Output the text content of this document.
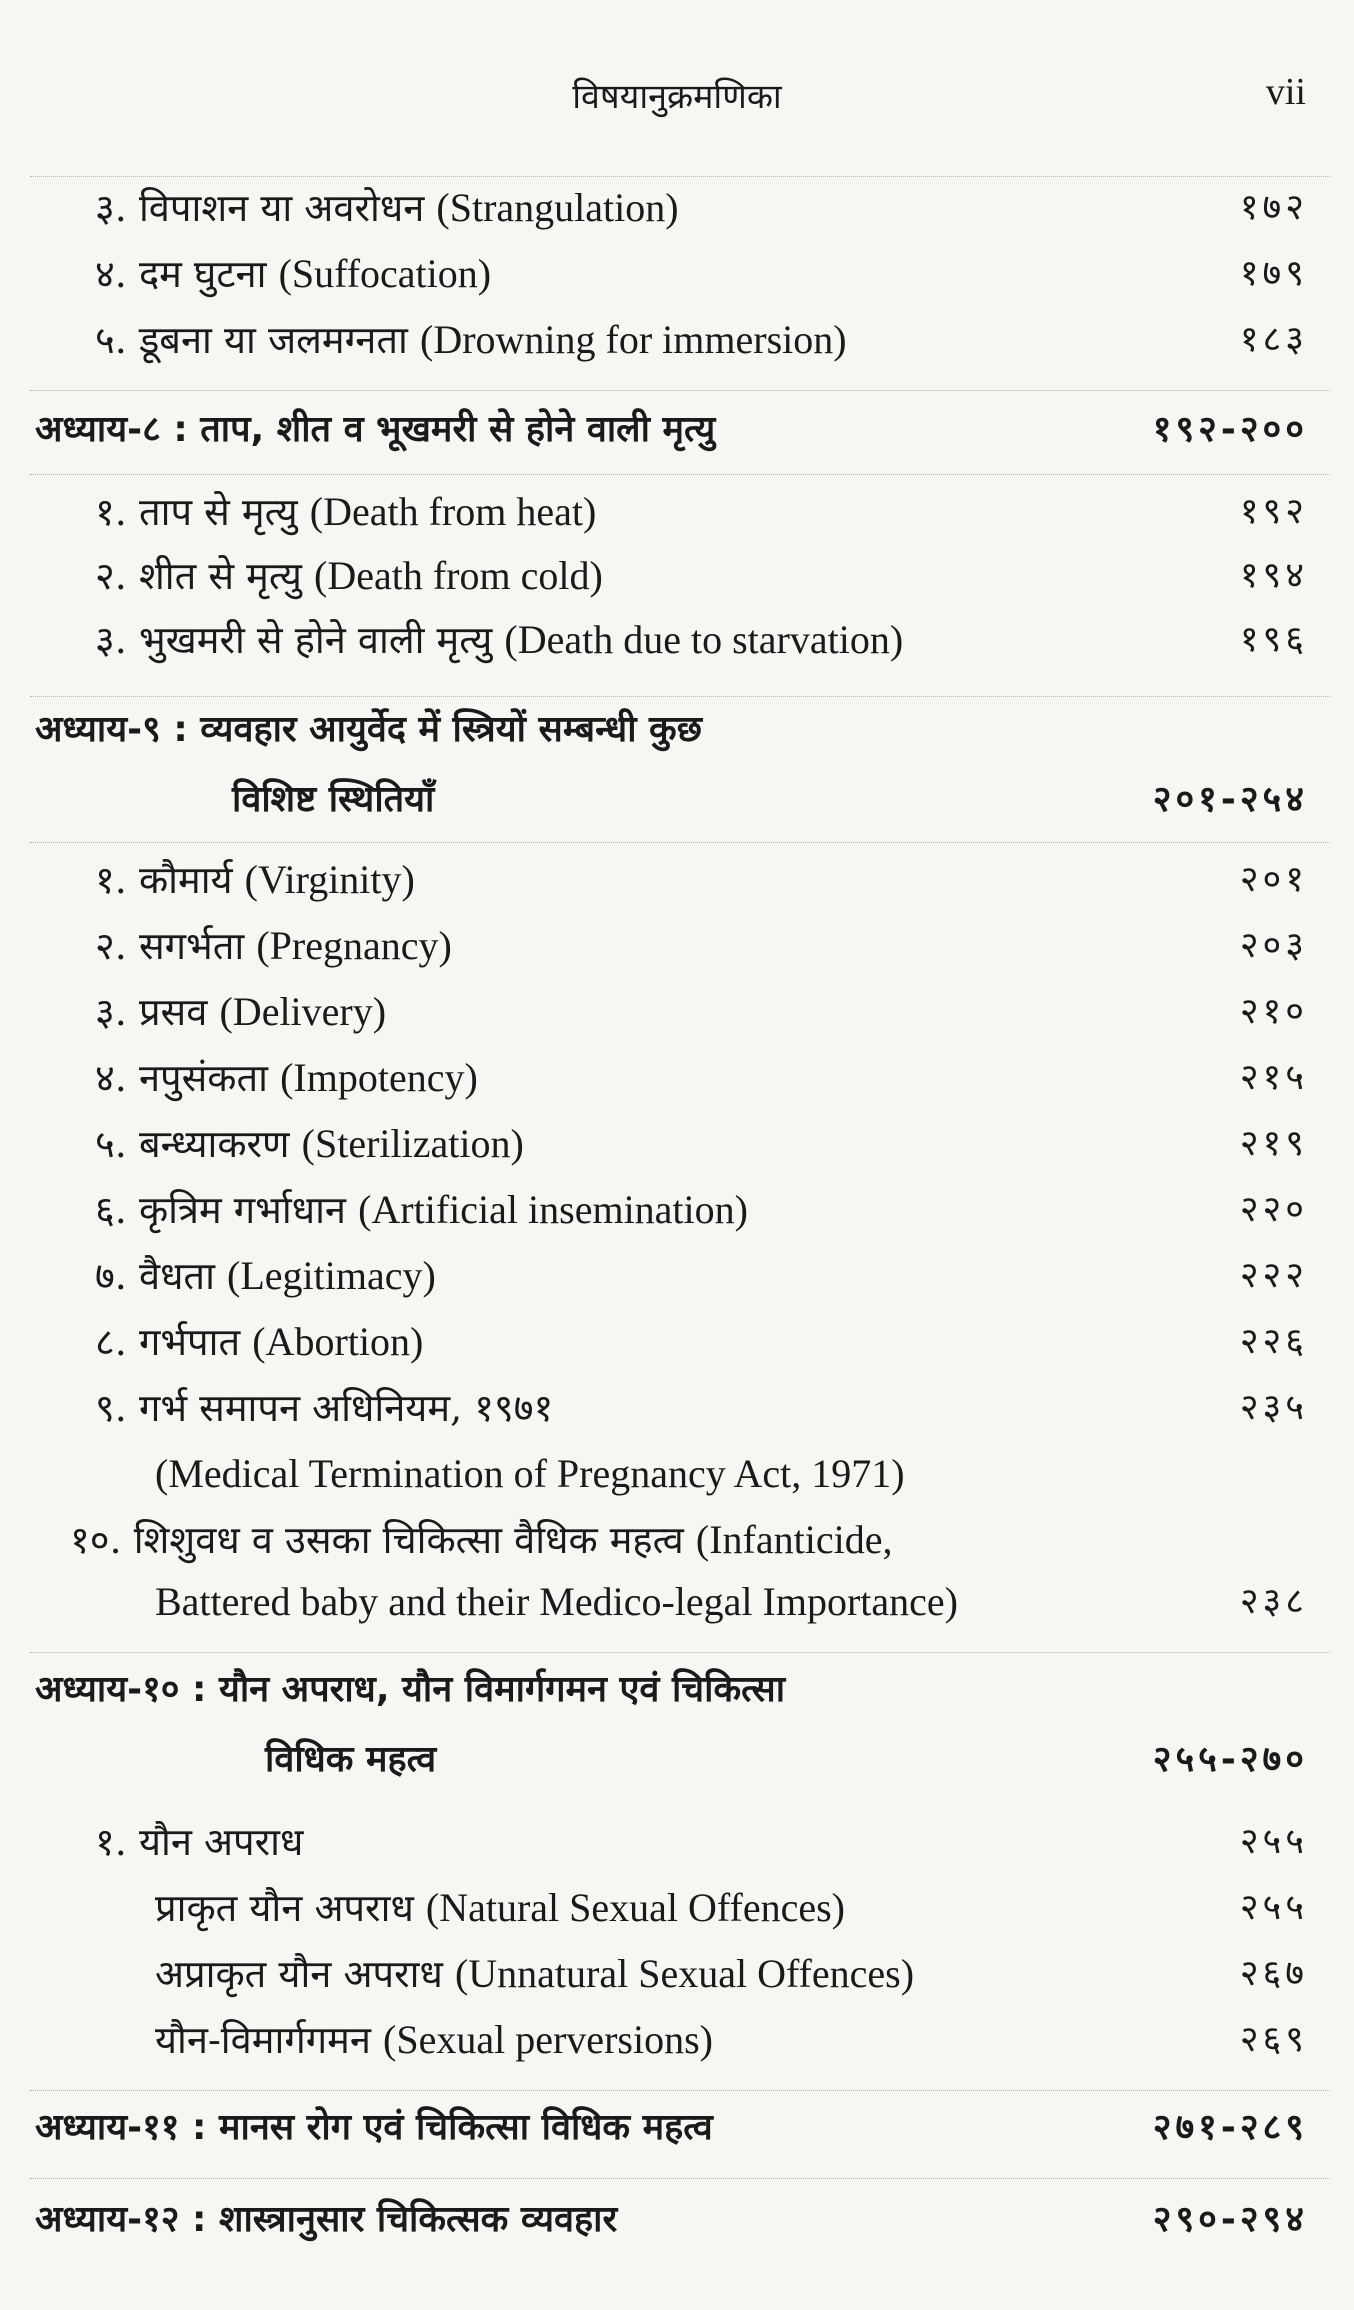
विषयानुक्रमणिका	vii
३. विपाशन या अवरोधन (Strangulation)	१७२
४. दम घुटना (Suffocation)	१७९
५. डूबना या जलमग्नता (Drowning for immersion)	१८३
अध्याय-८ : ताप, शीत व भूखमरी से होने वाली मृत्यु	१९२-२००
१. ताप से मृत्यु (Death from heat)	१९२
२. शीत से मृत्यु (Death from cold)	१९४
३. भुखमरी से होने वाली मृत्यु (Death due to starvation)	१९६
अध्याय-९ : व्यवहार आयुर्वेद में स्त्रियों सम्बन्धी कुछ
विशिष्ट स्थितियाँ	२०१-२५४
१. कौमार्य (Virginity)	२०१
२. सगर्भता (Pregnancy)	२०३
३. प्रसव (Delivery)	२१०
४. नपुसंकता (Impotency)	२१५
५. बन्ध्याकरण (Sterilization)	२१९
६. कृत्रिम गर्भाधान (Artificial insemination)	२२०
७. वैधता (Legitimacy)	२२२
८. गर्भपात (Abortion)	२२६
९. गर्भ समापन अधिनियम, १९७१	२३५
(Medical Termination of Pregnancy Act, 1971)
१०. शिशुवध व उसका चिकित्सा वैधिक महत्व (Infanticide,
Battered baby and their Medico-legal Importance)	२३८
अध्याय-१० : यौन अपराध, यौन विमार्गगमन एवं चिकित्सा
विधिक महत्व	२५५-२७०
१. यौन अपराध	२५५
प्राकृत यौन अपराध (Natural Sexual Offences)	२५५
अप्राकृत यौन अपराध (Unnatural Sexual Offences)	२६७
यौन-विमार्गगमन (Sexual perversions)	२६९
अध्याय-११ : मानस रोग एवं चिकित्सा विधिक महत्व	२७१-२८९
अध्याय-१२ : शास्त्रानुसार चिकित्सक व्यवहार	२९०-२९४
